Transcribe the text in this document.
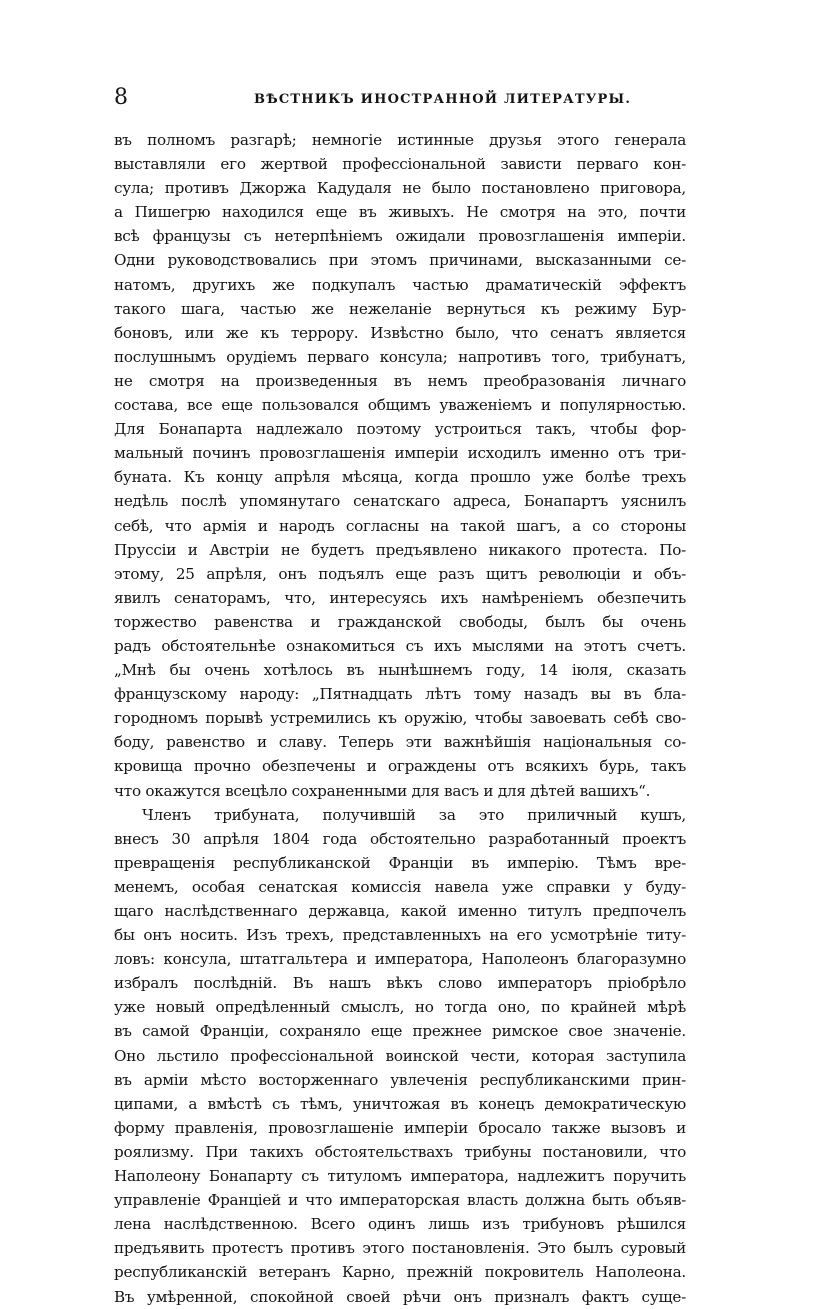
8	ВѢСТНИКЪ ИНОСТРАННОЙ ЛИТЕРАТУРЫ.
въ полномъ разгарѣ; немногіе истинные друзья этого генерала
выставляли его жертвой профессіональной зависти перваго кон-
сула; противъ Джоржа Кадудаля не было постановлено приговора,
а Пишегрю находился еще въ живыхъ. Не смотря на это, почти
всѣ французы съ нетерпѣніемъ ожидали провозглашенія имперіи.
Одни руководствовались при этомъ причинами, высказанными се-
натомъ, другихъ же подкупалъ частью драматическій эффектъ
такого шага, частью же нежеланіе вернуться къ режиму Бур-
боновъ, или же къ террору. Извѣстно было, что сенатъ является
послушнымъ орудіемъ перваго консула; напротивъ того, трибунатъ,
не смотря на произведенныя въ немъ преобразованія личнаго
состава, все еще пользовался общимъ уваженіемъ и популярностью.
Для Бонапарта надлежало поэтому устроиться такъ, чтобы фор-
мальный починъ провозглашенія имперіи исходилъ именно отъ три-
буната. Къ концу апрѣля мѣсяца, когда прошло уже болѣе трехъ
недѣль послѣ упомянутаго сенатскаго адреса, Бонапартъ уяснилъ
себѣ, что армія и народъ согласны на такой шагъ, а со стороны
Пруссіи и Австріи не будетъ предъявлено никакого протеста. По-
этому, 25 апрѣля, онъ подъялъ еще разъ щитъ революціи и объ-
явилъ сенаторамъ, что, интересуясь ихъ намѣреніемъ обезпечить
торжество равенства и гражданской свободы, былъ бы очень
радъ обстоятельнѣе ознакомиться съ ихъ мыслями на этотъ счетъ.
„Мнѣ бы очень хотѣлось въ нынѣшнемъ году, 14 іюля, сказать
французскому народу: „Пятнадцать лѣтъ тому назадъ вы въ бла-
городномъ порывѣ устремились къ оружію, чтобы завоевать себѣ сво-
боду, равенство и славу. Теперь эти важнѣйшія національныя со-
кровища прочно обезпечены и ограждены отъ всякихъ бурь, такъ
что окажутся всецѣло сохраненными для васъ и для дѣтей вашихъ“.
Членъ трибуната, получившій за это приличный кушъ,
внесъ 30 апрѣля 1804 года обстоятельно разработанный проектъ
превращенія республиканской Франціи въ имперію. Тѣмъ вре-
менемъ, особая сенатская комиссія навела уже справки у буду-
щаго наслѣдственнаго державца, какой именно титулъ предпочелъ
бы онъ носить. Изъ трехъ, представленныхъ на его усмотрѣніе титу-
ловъ: консула, штатгальтера и императора, Наполеонъ благоразумно
избралъ послѣдній. Въ нашъ вѣкъ слово императоръ пріобрѣло
уже новый опредѣленный смыслъ, но тогда оно, по крайней мѣрѣ
въ самой Франціи, сохраняло еще прежнее римское свое значеніе.
Оно льстило профессіональной воинской чести, которая заступила
въ арміи мѣсто восторженнаго увлеченія республиканскими прин-
ципами, а вмѣстѣ съ тѣмъ, уничтожая въ конецъ демократическую
форму правленія, провозглашеніе имперіи бросало также вызовъ и
роялизму. При такихъ обстоятельствахъ трибуны постановили, что
Наполеону Бонапарту съ титуломъ императора, надлежитъ поручить
управленіе Франціей и что императорская власть должна быть объяв-
лена наслѣдственною. Всего одинъ лишь изъ трибуновъ рѣшился
предъявить протестъ противъ этого постановленія. Это былъ суровый
республиканскій ветеранъ Карно, прежній покровитель Наполеона.
Въ умѣренной, спокойной своей рѣчи онъ призналъ фактъ суще-
